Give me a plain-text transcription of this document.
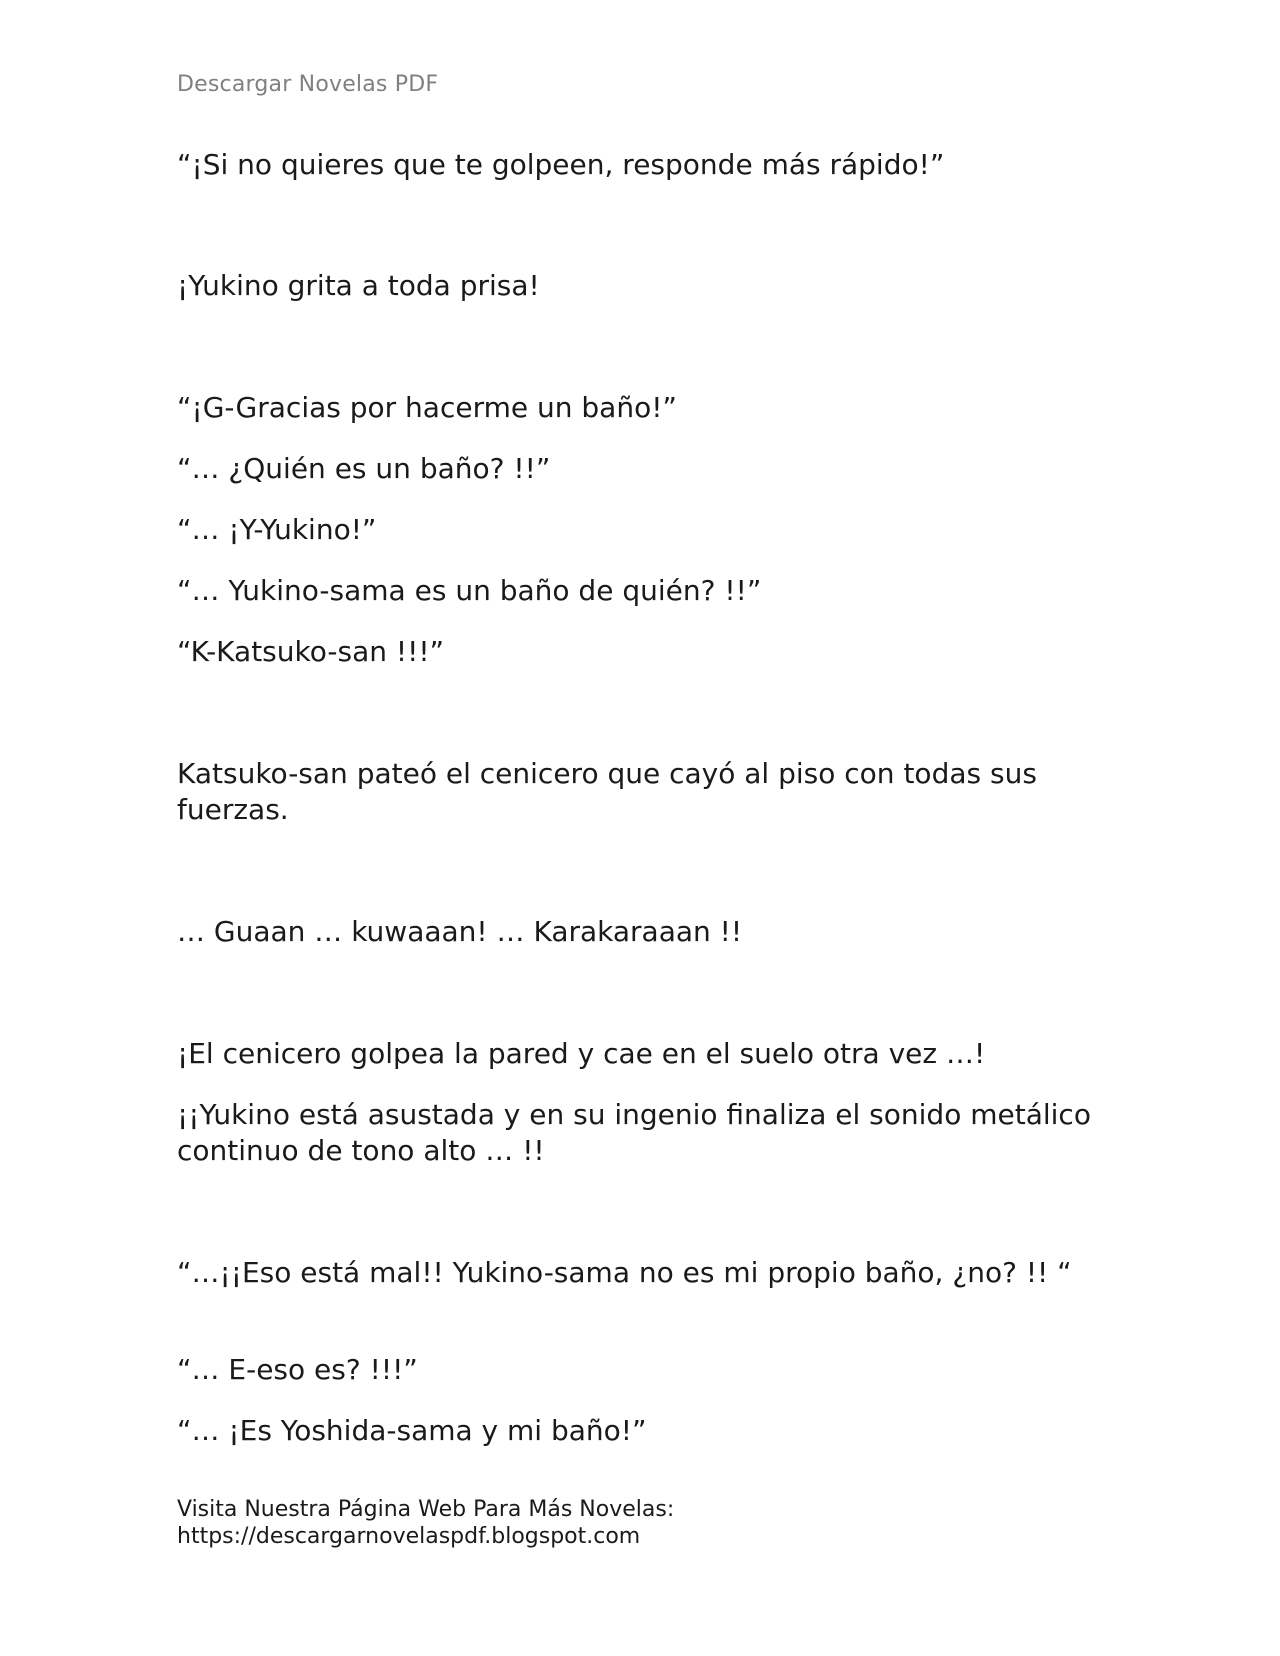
Descargar Novelas PDF
“¡Si no quieres que te golpeen, responde más rápido!”
¡Yukino grita a toda prisa!
“¡G-Gracias por hacerme un baño!”
“… ¿Quién es un baño? !!”
“… ¡Y-Yukino!”
“… Yukino-sama es un baño de quién? !!”
“K-Katsuko-san !!!”
Katsuko-san pateó el cenicero que cayó al piso con todas sus fuerzas.
… Guaan … kuwaaan! … Karakaraaan !!
¡El cenicero golpea la pared y cae en el suelo otra vez …!
¡¡Yukino está asustada y en su ingenio finaliza el sonido metálico continuo de tono alto … !!
“…¡¡Eso está mal!! Yukino-sama no es mi propio baño, ¿no? !! “
“… E-eso es? !!!”
“… ¡Es Yoshida-sama y mi baño!”
Visita Nuestra Página Web Para Más Novelas:
https://descargarnovelaspdf.blogspot.com
